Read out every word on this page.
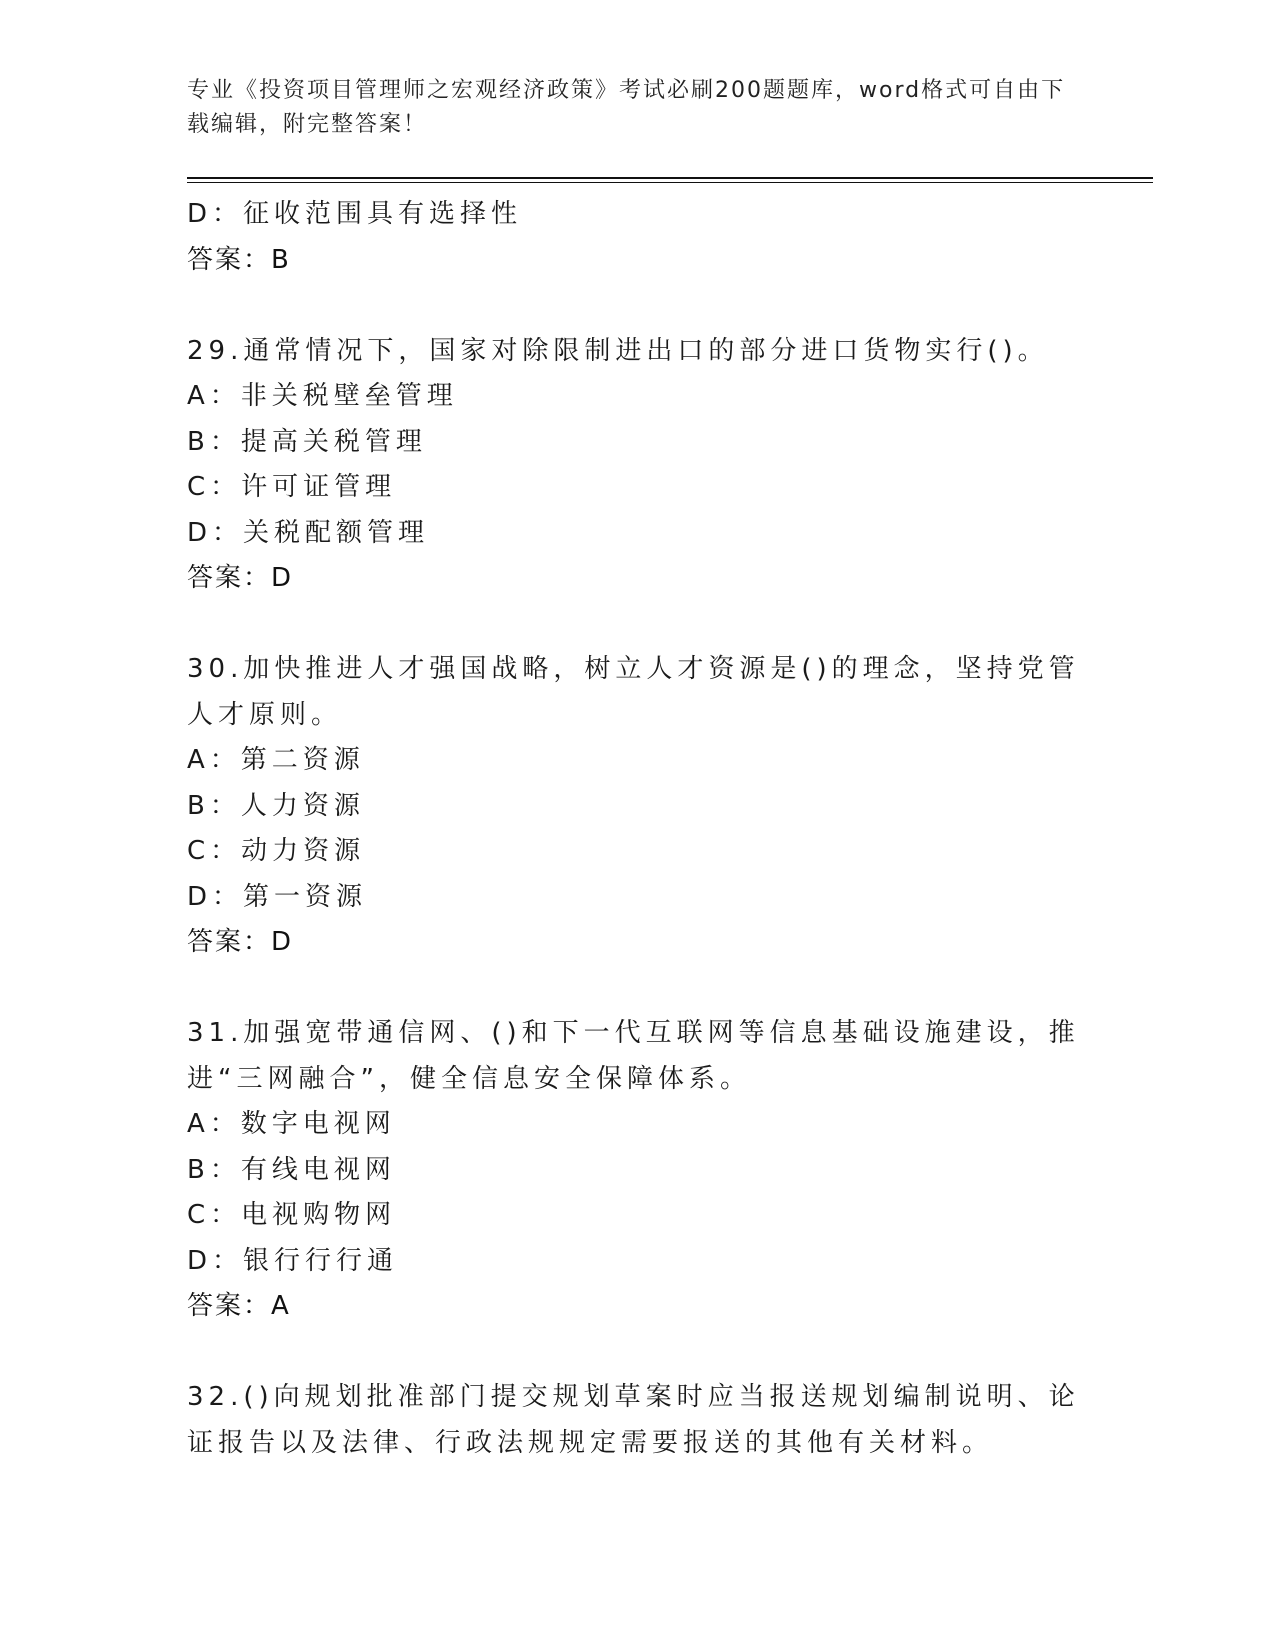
专业《投资项目管理师之宏观经济政策》考试必刷200题题库，word格式可自由下载编辑，附完整答案！
D：征收范围具有选择性
答案：B
29.通常情况下，国家对除限制进出口的部分进口货物实行()。
A：非关税壁垒管理
B：提高关税管理
C：许可证管理
D：关税配额管理
答案：D
30.加快推进人才强国战略，树立人才资源是()的理念，坚持党管人才原则。
A：第二资源
B：人力资源
C：动力资源
D：第一资源
答案：D
31.加强宽带通信网、()和下一代互联网等信息基础设施建设，推进“三网融合”，健全信息安全保障体系。
A：数字电视网
B：有线电视网
C：电视购物网
D：银行行行通
答案：A
32.()向规划批准部门提交规划草案时应当报送规划编制说明、论证报告以及法律、行政法规规定需要报送的其他有关材料。
